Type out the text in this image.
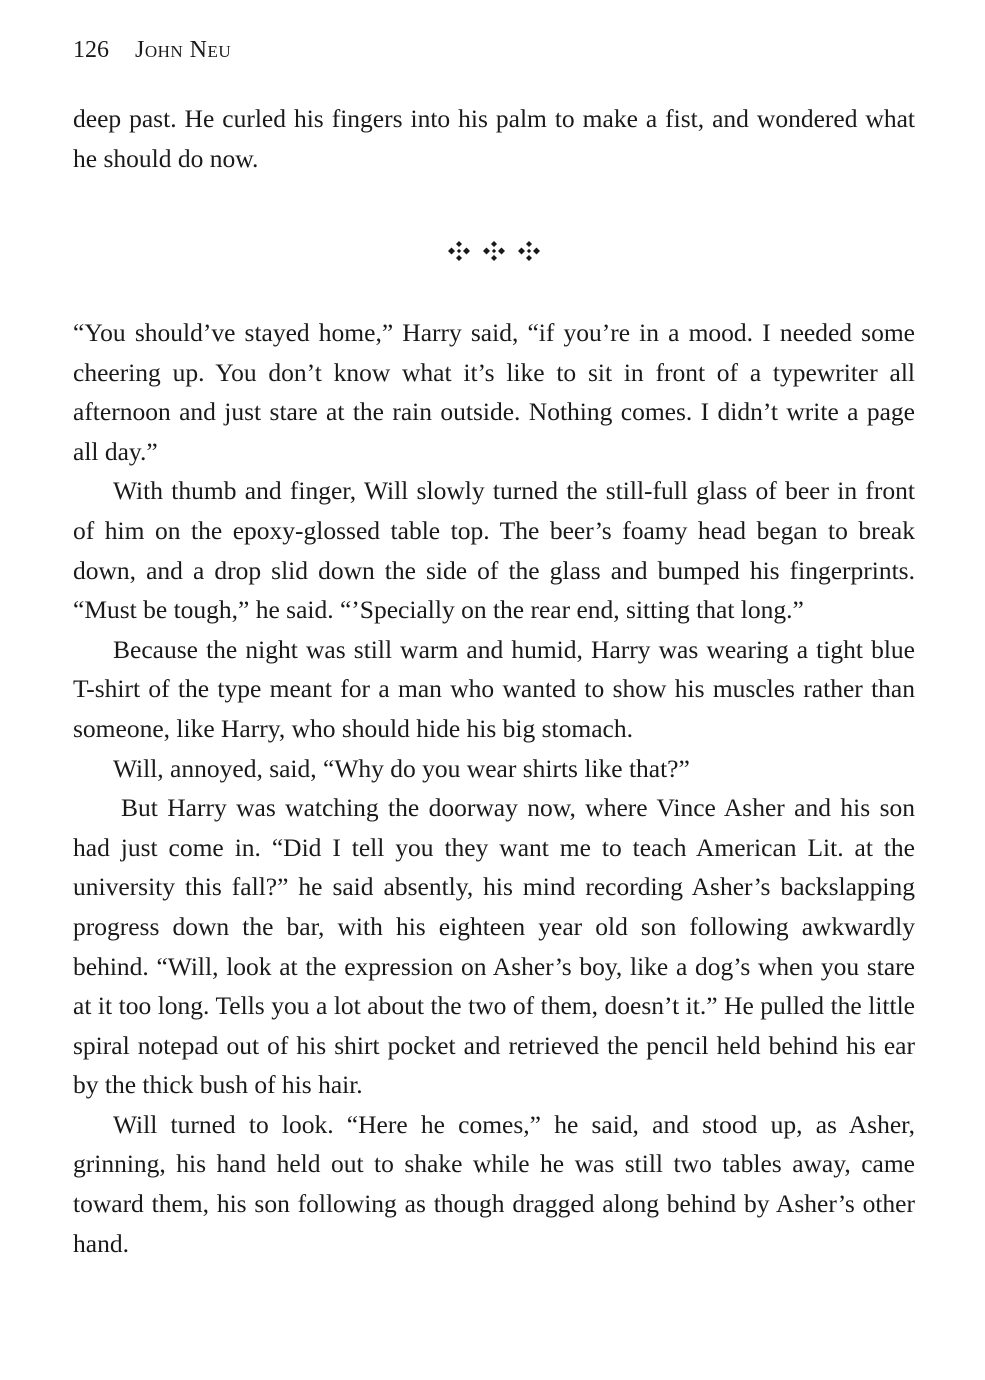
126 John Neu

deep past. He curled his fingers into his palm to make a fist, and wondered what he should do now.

“You should’ve stayed home,” Harry said, “if you’re in a mood. I needed some cheering up. You don’t know what it’s like to sit in front of a typewriter all afternoon and just stare at the rain outside. Nothing comes. I didn’t write a page all day.”

With thumb and finger, Will slowly turned the still-full glass of beer in front of him on the epoxy-glossed table top. The beer’s foamy head began to break down, and a drop slid down the side of the glass and bumped his fingerprints. “Must be tough,” he said. “’Specially on the rear end, sitting that long.”

Because the night was still warm and humid, Harry was wearing a tight blue T-shirt of the type meant for a man who wanted to show his muscles rather than someone, like Harry, who should hide his big stomach.

Will, annoyed, said, “Why do you wear shirts like that?”

But Harry was watching the doorway now, where Vince Asher and his son had just come in. “Did I tell you they want me to teach American Lit. at the university this fall?” he said absently, his mind recording Asher’s backslapping progress down the bar, with his eighteen year old son following awkwardly behind. “Will, look at the expression on Asher’s boy, like a dog’s when you stare at it too long. Tells you a lot about the two of them, doesn’t it.” He pulled the little spiral notepad out of his shirt pocket and retrieved the pencil held behind his ear by the thick bush of his hair.

Will turned to look. “Here he comes,” he said, and stood up, as Asher, grinning, his hand held out to shake while he was still two tables away, came toward them, his son following as though dragged along behind by Asher’s other hand.
